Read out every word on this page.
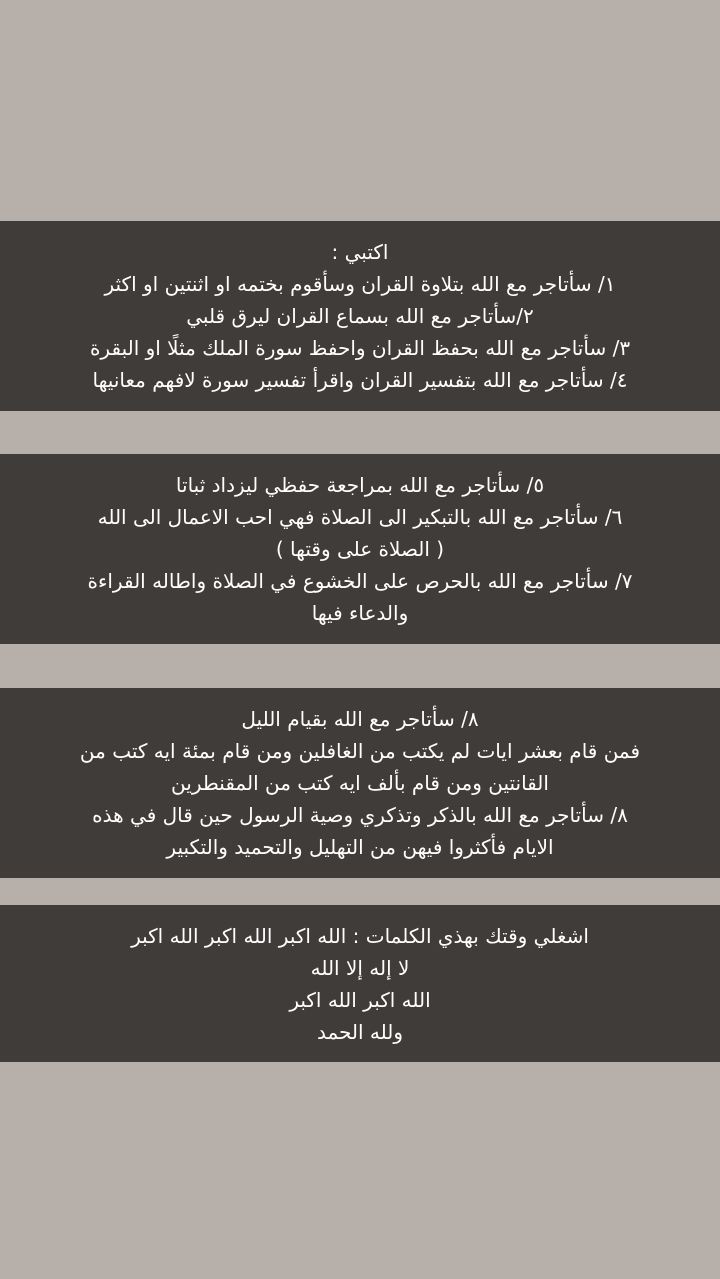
اكتبي :
١/ سأتاجر مع الله بتلاوة القران وسأقوم بختمه او اثنتين او اكثر
٢/سأتاجر مع الله بسماع القران ليرق قلبي
٣/ سأتاجر مع الله بحفظ القران واحفظ سورة الملك مثلًا او البقرة
٤/ سأتاجر مع الله بتفسير القران واقرأ تفسير سورة لافهم معانيها
٥/ سأتاجر مع الله بمراجعة حفظي ليزداد ثباتا
٦/ سأتاجر مع الله بالتبكير الى الصلاة فهي احب الاعمال الى الله
( الصلاة على وقتها )
٧/ سأتاجر مع الله بالحرص على الخشوع في الصلاة واطاله القراءة
والدعاء فيها
٨/ سأتاجر مع الله بقيام الليل
فمن قام بعشر ايات لم يكتب من الغافلين ومن قام بمئة ايه كتب من
القانتين ومن قام بألف ايه كتب من المقنطرين
٨/ سأتاجر مع الله بالذكر وتذكري وصية الرسول حين قال في هذه
الايام فأكثروا فيهن من التهليل والتحميد والتكبير
اشغلي وقتك بهذي الكلمات : الله اكبر الله اكبر الله اكبر
لا إله إلا الله
الله اكبر الله اكبر
ولله الحمد
